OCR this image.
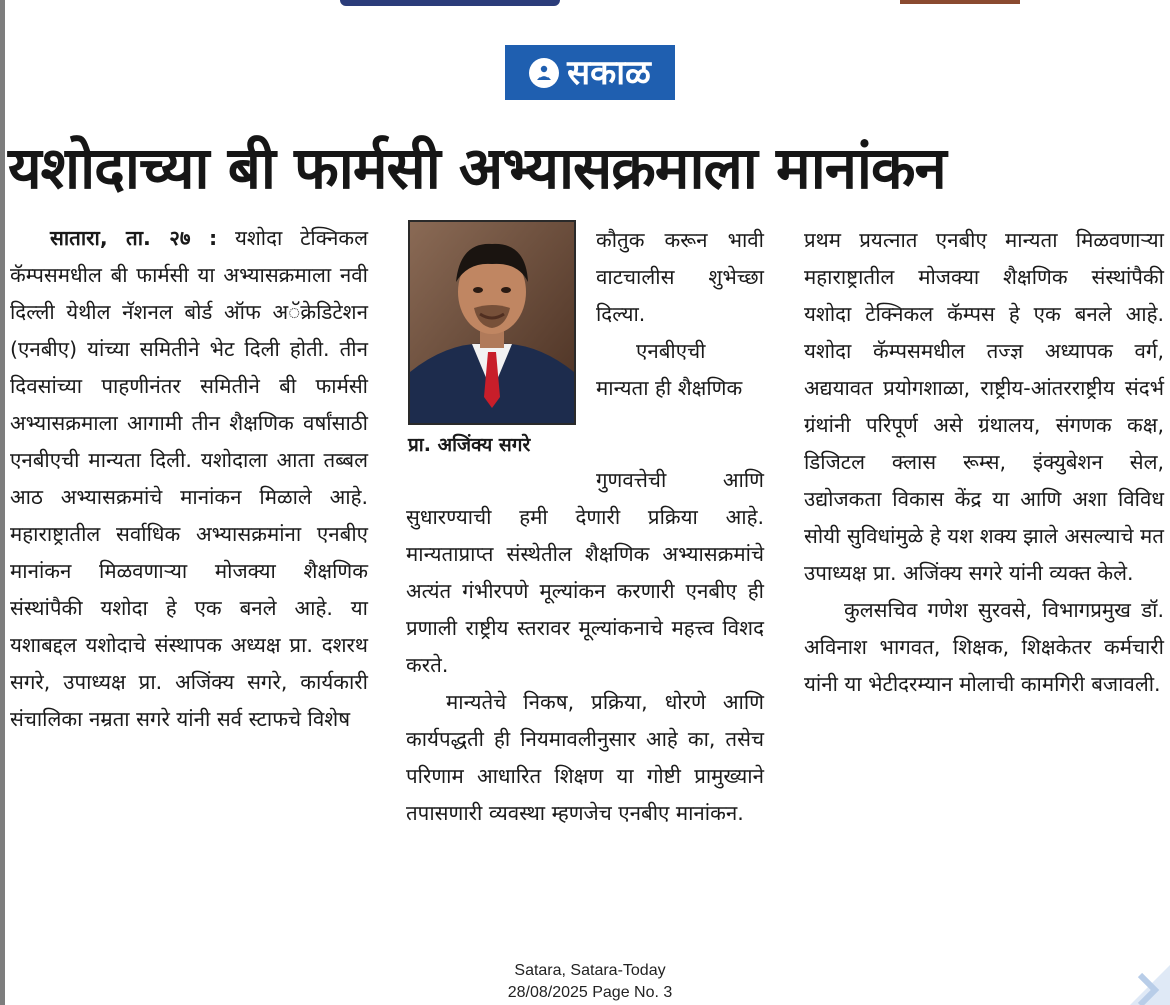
सकाळ
यशोदाच्या बी फार्मसी अभ्यासक्रमाला मानांकन

सातारा, ता. २७ : यशोदा टेक्निकल कॅम्पसमधील बी फार्मसी या अभ्यासक्रमाला नवी दिल्ली येथील नॅशनल बोर्ड ऑफ अॅक्रेडिटेशन (एनबीए) यांच्या समितीने भेट दिली होती. तीन दिवसांच्या पाहणीनंतर समितीने बी फार्मसी अभ्यासक्रमाला आगामी तीन शैक्षणिक वर्षांसाठी एनबीएची मान्यता दिली. यशोदाला आता तब्बल आठ अभ्यासक्रमांचे मानांकन मिळाले आहे. महाराष्ट्रातील सर्वाधिक अभ्यासक्रमांना एनबीए मानांकन मिळवणाऱ्या मोजक्या शैक्षणिक संस्थांपैकी यशोदा हे एक बनले आहे. या यशाबद्दल यशोदाचे संस्थापक अध्यक्ष प्रा. दशरथ सगरे, उपाध्यक्ष प्रा. अजिंक्य सगरे, कार्यकारी संचालिका नम्रता सगरे यांनी सर्व स्टाफचे विशेष

प्रा. अजिंक्य सगरे

कौतुक करून भावी वाटचालीस शुभेच्छा दिल्या.

एनबीएची मान्यता ही शैक्षणिक

गुणवत्तेची आणि सुधारण्याची हमी देणारी प्रक्रिया आहे. मान्यताप्राप्त संस्थेतील शैक्षणिक अभ्यासक्रमांचे अत्यंत गंभीरपणे मूल्यांकन करणारी एनबीए ही प्रणाली राष्ट्रीय स्तरावर मूल्यांकनाचे महत्त्व विशद करते.

मान्यतेचे निकष, प्रक्रिया, धोरणे आणि कार्यपद्धती ही नियमावलीनुसार आहे का, तसेच परिणाम आधारित शिक्षण या गोष्टी प्रामुख्याने तपासणारी व्यवस्था म्हणजेच एनबीए मानांकन.

प्रथम प्रयत्नात एनबीए मान्यता मिळवणाऱ्या महाराष्ट्रातील मोजक्या शैक्षणिक संस्थांपैकी यशोदा टेक्निकल कॅम्पस हे एक बनले आहे. यशोदा कॅम्पसमधील तज्ज्ञ अध्यापक वर्ग, अद्ययावत प्रयोगशाळा, राष्ट्रीय-आंतरराष्ट्रीय संदर्भ ग्रंथांनी परिपूर्ण असे ग्रंथालय, संगणक कक्ष, डिजिटल क्लास रूम्स, इंक्युबेशन सेल, उद्योजकता विकास केंद्र या आणि अशा विविध सोयी सुविधांमुळे हे यश शक्य झाले असल्याचे मत उपाध्यक्ष प्रा. अजिंक्य सगरे यांनी व्यक्त केले.

कुलसचिव गणेश सुरवसे, विभागप्रमुख डॉ. अविनाश भागवत, शिक्षक, शिक्षकेतर कर्मचारी यांनी या भेटीदरम्यान मोलाची कामगिरी बजावली.

Satara, Satara-Today
28/08/2025 Page No. 3
